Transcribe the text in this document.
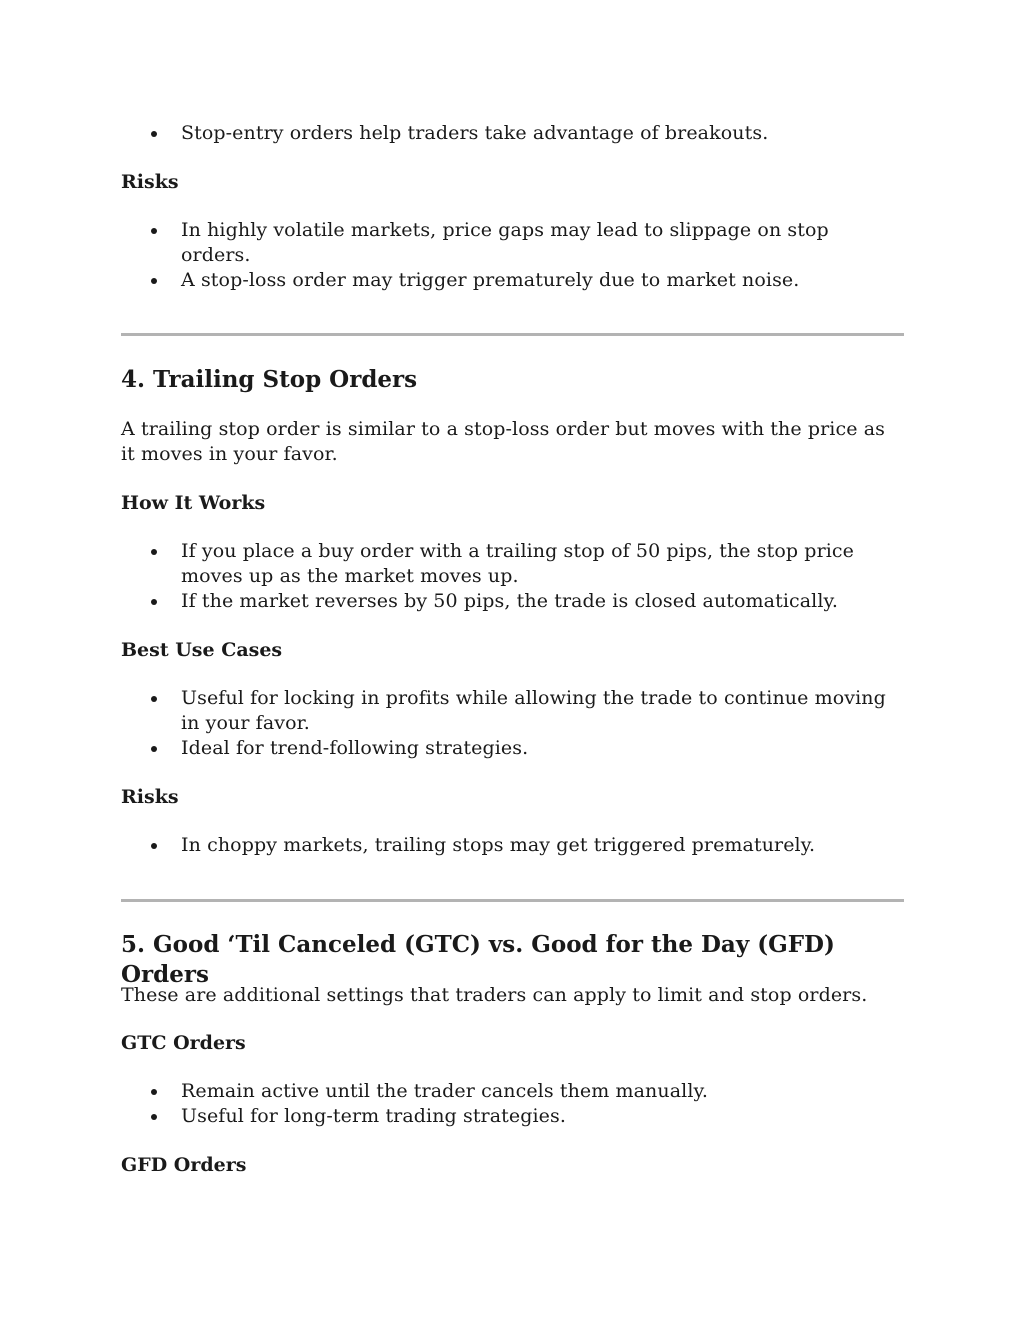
Stop-entry orders help traders take advantage of breakouts.

Risks

In highly volatile markets, price gaps may lead to slippage on stop orders.
A stop-loss order may trigger prematurely due to market noise.
4. Trailing Stop Orders

A trailing stop order is similar to a stop-loss order but moves with the price as it moves in your favor.

How It Works

If you place a buy order with a trailing stop of 50 pips, the stop price moves up as the market moves up.
If the market reverses by 50 pips, the trade is closed automatically.

Best Use Cases

Useful for locking in profits while allowing the trade to continue moving in your favor.
Ideal for trend-following strategies.

Risks

In choppy markets, trailing stops may get triggered prematurely.
5. Good ‘Til Canceled (GTC) vs. Good for the Day (GFD) Orders

These are additional settings that traders can apply to limit and stop orders.

GTC Orders

Remain active until the trader cancels them manually.
Useful for long-term trading strategies.

GFD Orders
